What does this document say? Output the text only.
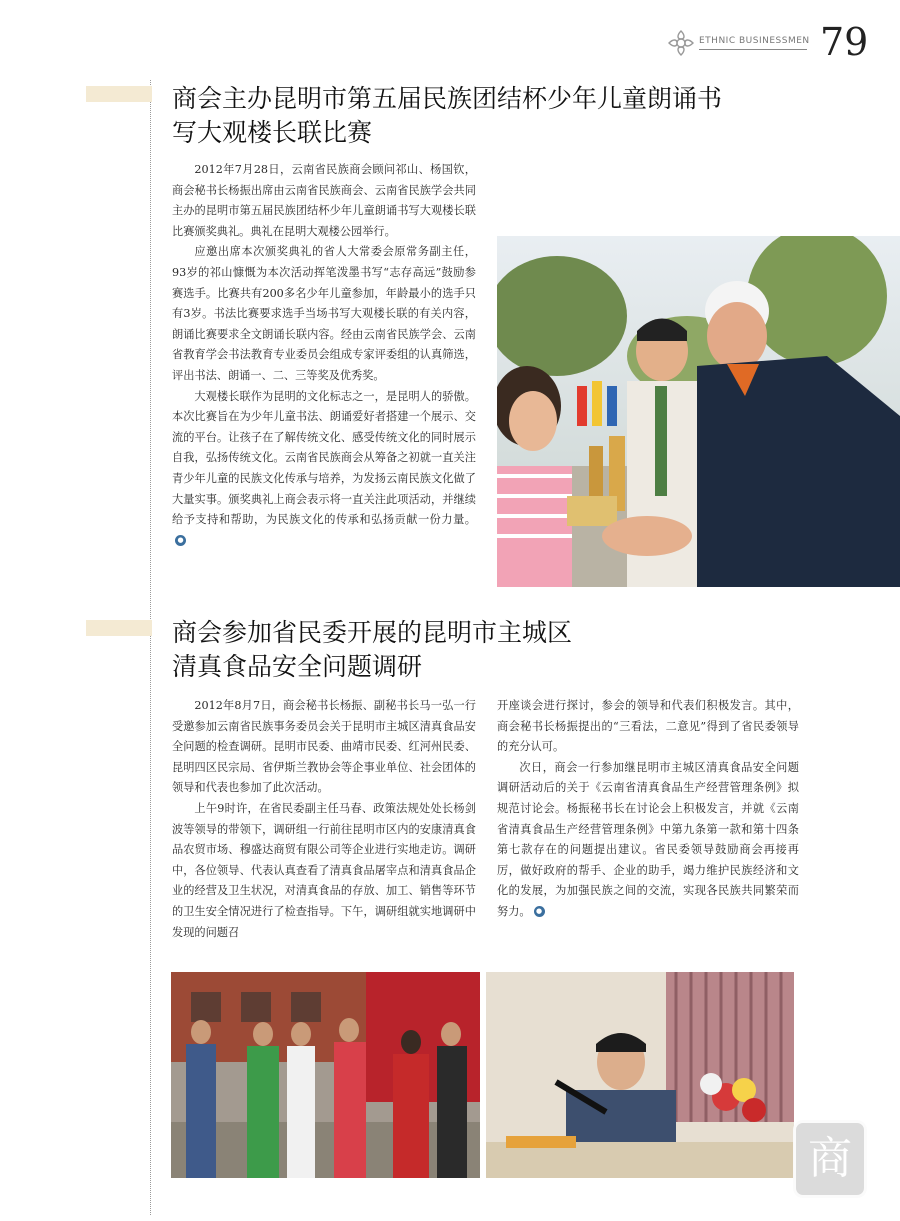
ETHNIC BUSINESSMEN 79
商会主办昆明市第五届民族团结杯少年儿童朗诵书
写大观楼长联比赛

2012年7月28日，云南省民族商会顾问祁山、杨国钦，商会秘书长杨振出席由云南省民族商会、云南省民族学会共同主办的昆明市第五届民族团结杯少年儿童朗诵书写大观楼长联比赛颁奖典礼。典礼在昆明大观楼公园举行。

应邀出席本次颁奖典礼的省人大常委会原常务副主任，93岁的祁山慷慨为本次活动挥笔泼墨书写“志存高远”鼓励参赛选手。比赛共有200多名少年儿童参加，年龄最小的选手只有3岁。书法比赛要求选手当场书写大观楼长联的有关内容，朗诵比赛要求全文朗诵长联内容。经由云南省民族学会、云南省教育学会书法教育专业委员会组成专家评委组的认真筛选，评出书法、朗诵一、二、三等奖及优秀奖。

大观楼长联作为昆明的文化标志之一，是昆明人的骄傲。本次比赛旨在为少年儿童书法、朗诵爱好者搭建一个展示、交流的平台。让孩子在了解传统文化、感受传统文化的同时展示自我，弘扬传统文化。云南省民族商会从筹备之初就一直关注青少年儿童的民族文化传承与培养，为发扬云南民族文化做了大量实事。颁奖典礼上商会表示将一直关注此项活动，并继续给予支持和帮助，为民族文化的传承和弘扬贡献一份力量。●

商会参加省民委开展的昆明市主城区
清真食品安全问题调研

2012年8月7日，商会秘书长杨振、副秘书长马一弘一行受邀参加云南省民族事务委员会关于昆明市主城区清真食品安全问题的检查调研。昆明市民委、曲靖市民委、红河州民委、昆明四区民宗局、省伊斯兰教协会等企事业单位、社会团体的领导和代表也参加了此次活动。

上午9时许，在省民委副主任马春、政策法规处处长杨剑波等领导的带领下，调研组一行前往昆明市区内的安康清真食品农贸市场、穆盛达商贸有限公司等企业进行实地走访。调研中，各位领导、代表认真查看了清真食品屠宰点和清真食品企业的经营及卫生状况，对清真食品的存放、加工、销售等环节的卫生安全情况进行了检查指导。下午，调研组就实地调研中发现的问题召

开座谈会进行探讨，参会的领导和代表们积极发言。其中，商会秘书长杨振提出的“三看法，二意见”得到了省民委领导的充分认可。

次日，商会一行参加继昆明市主城区清真食品安全问题调研活动后的关于《云南省清真食品生产经营管理条例》拟规范讨论会。杨振秘书长在讨论会上积极发言，并就《云南省清真食品生产经营管理条例》中第九条第一款和第十四条第七款存在的问题提出建议。省民委领导鼓励商会再接再厉，做好政府的帮手、企业的助手，竭力维护民族经济和文化的发展，为加强民族之间的交流，实现各民族共同繁荣而努力。 ●

商
